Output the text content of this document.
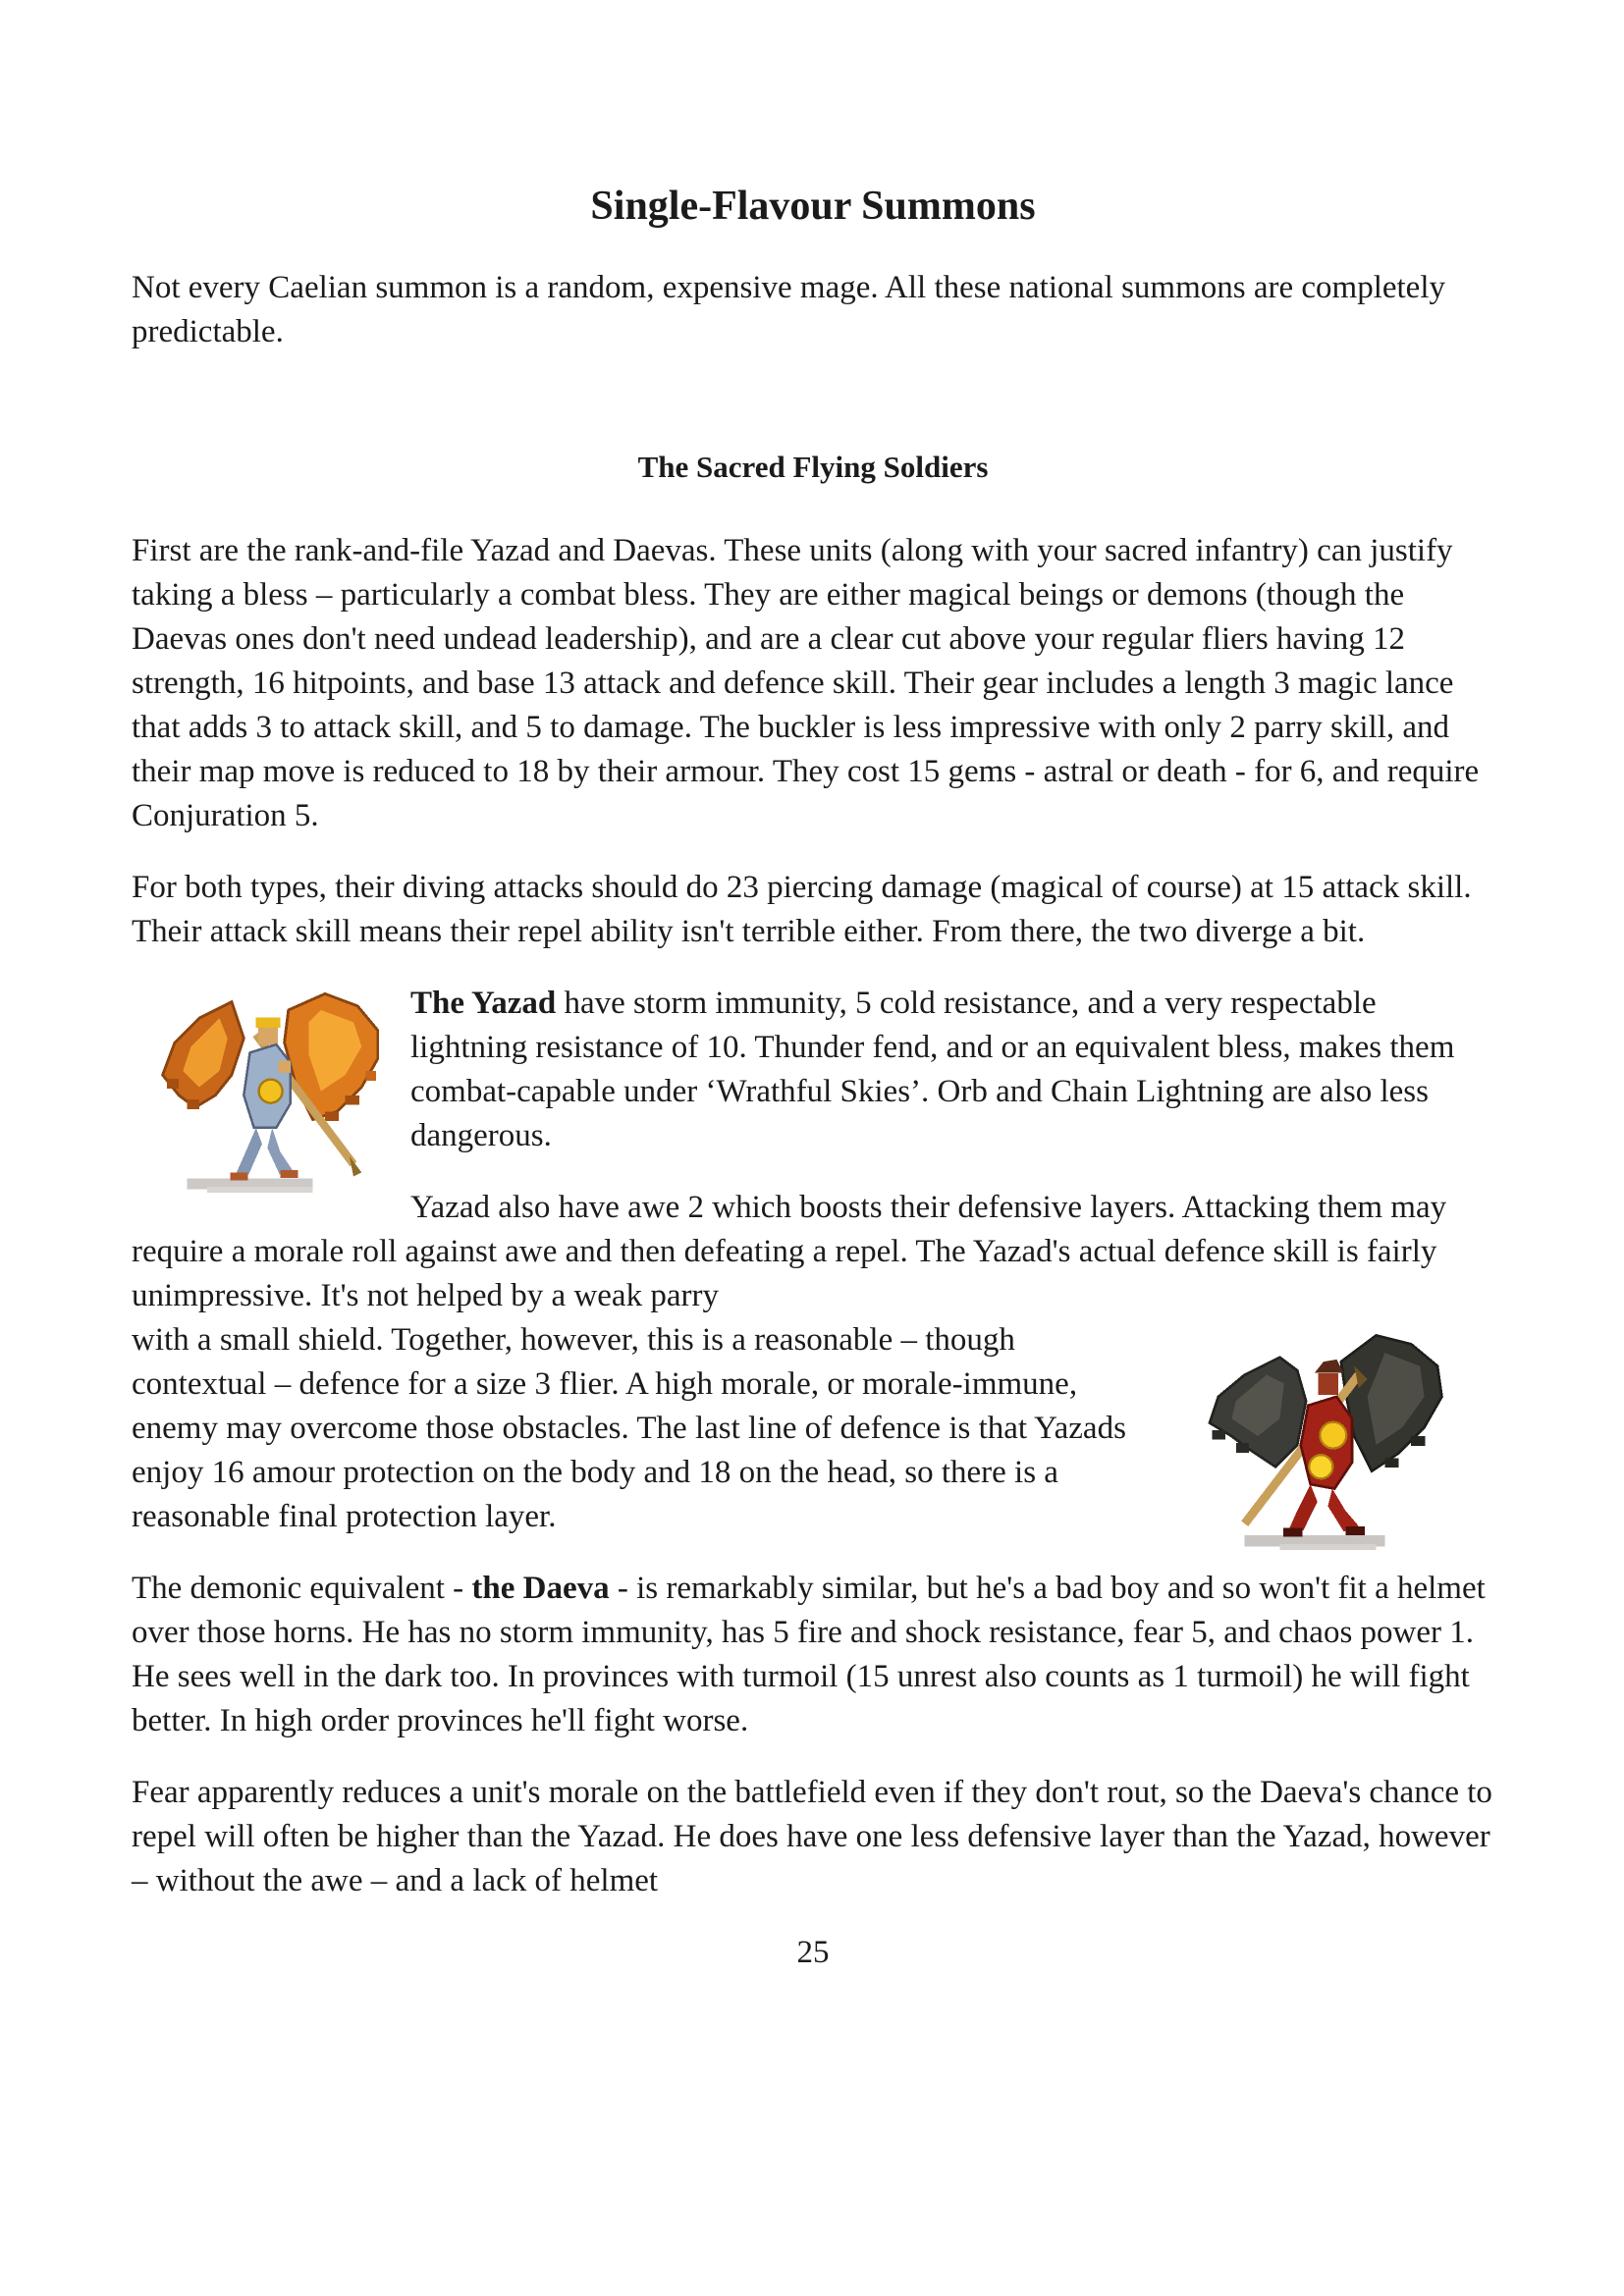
Single-Flavour Summons

Not every Caelian summon is a random, expensive mage. All these national summons are completely predictable.

The Sacred Flying Soldiers

First are the rank-and-file Yazad and Daevas. These units (along with your sacred infantry) can justify taking a bless – particularly a combat bless. They are either magical beings or demons (though the Daevas ones don't need undead leadership), and are a clear cut above your regular fliers having 12 strength, 16 hitpoints, and base 13 attack and defence skill. Their gear includes a length 3 magic lance that adds 3 to attack skill, and 5 to damage. The buckler is less impressive with only 2 parry skill, and their map move is reduced to 18 by their armour. They cost 15 gems - astral or death - for 6, and require Conjuration 5.

For both types, their diving attacks should do 23 piercing damage (magical of course) at 15 attack skill. Their attack skill means their repel ability isn't terrible either. From there, the two diverge a bit.

The Yazad have storm immunity, 5 cold resistance, and a very respectable lightning resistance of 10. Thunder fend, and or an equivalent bless, makes them combat-capable under ‘Wrathful Skies’. Orb and Chain Lightning are also less dangerous.

Yazad also have awe 2 which boosts their defensive layers. Attacking them may require a morale roll against awe and then defeating a repel. The Yazad's actual defence skill is fairly unimpressive. It's not helped by a weak parry
with a small shield. Together, however, this is a reasonable – though contextual – defence for a size 3 flier. A high morale, or morale-immune, enemy may overcome those obstacles. The last line of defence is that Yazads enjoy 16 amour protection on the body and 18 on the head, so there is a reasonable final protection layer.

The demonic equivalent - the Daeva - is remarkably similar, but he's a bad boy and so won't fit a helmet over those horns. He has no storm immunity, has 5 fire and shock resistance, fear 5, and chaos power 1. He sees well in the dark too. In provinces with turmoil (15 unrest also counts as 1 turmoil) he will fight better. In high order provinces he'll fight worse.

Fear apparently reduces a unit's morale on the battlefield even if they don't rout, so the Daeva's chance to repel will often be higher than the Yazad. He does have one less defensive layer than the Yazad, however – without the awe – and a lack of helmet

25
